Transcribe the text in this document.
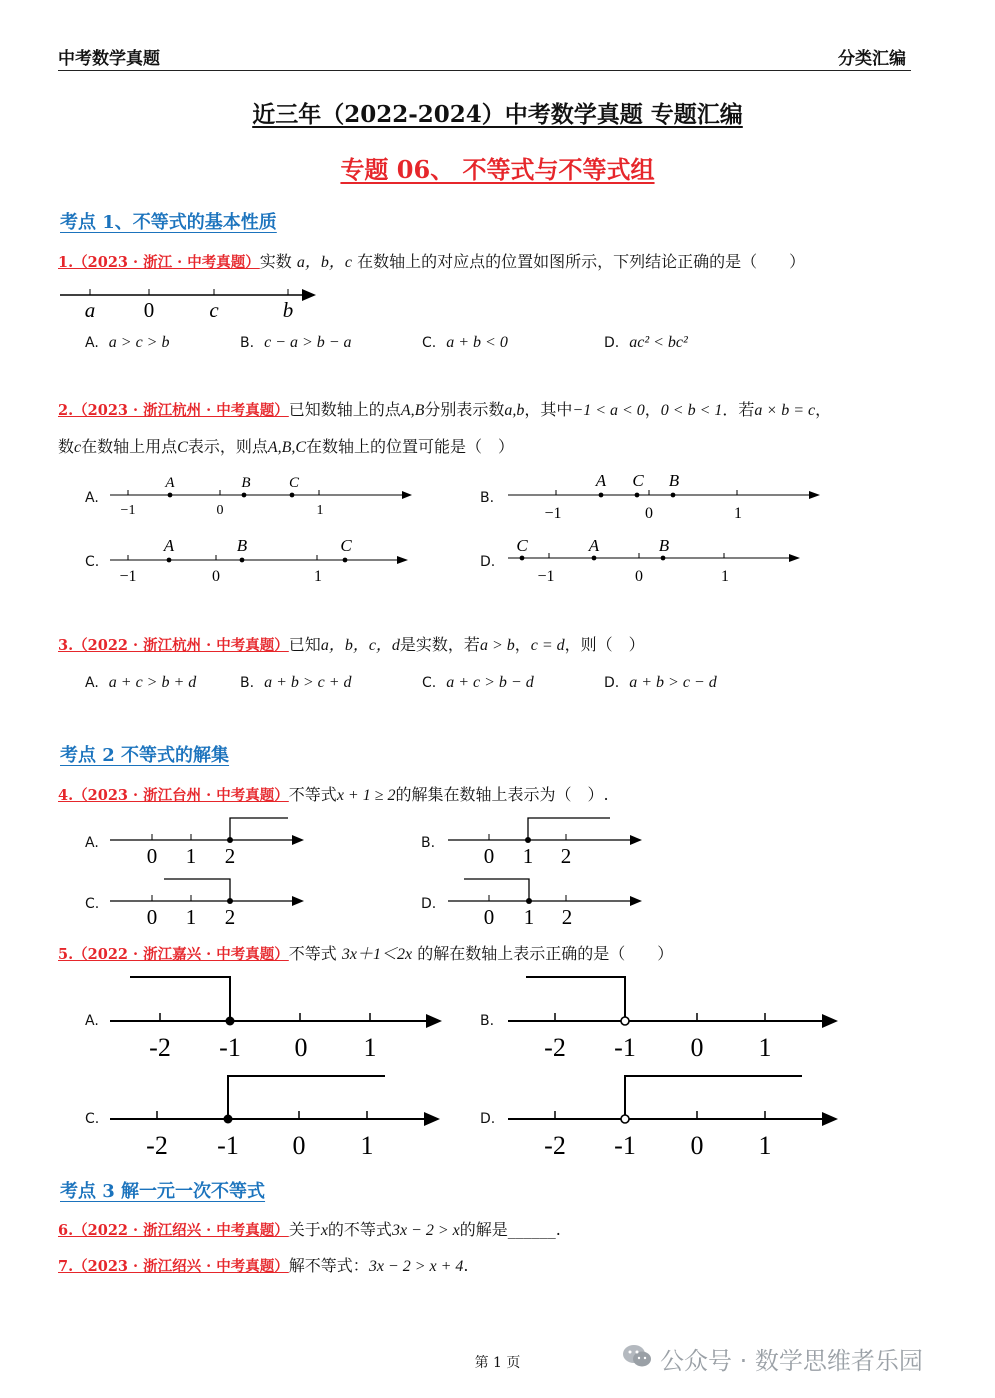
中考数学真题	分类汇编
近三年（2022-2024）中考数学真题 专题汇编
专题 06、 不等式与不等式组
考点 1、不等式的基本性质
1.（2023 · 浙江 · 中考真题）实数 a，b，c 在数轴上的对应点的位置如图所示，下列结论正确的是（　　）
a 0	c	b
A. a > c > b	B. c − a > b − a	C. a + b < 0	D. ac² < bc²
2.（2023 · 浙江杭州 · 中考真题）已知数轴上的点A,B分别表示数a,b，其中−1 < a < 0，0 < b < 1．若a × b = c，
数c在数轴上用点C表示，则点A,B,C在数轴上的位置可能是（　）
A.
A	B	C
−1	0	1
B.
A C B
−1	0	1
C.
A	B	C
−1	0	1
D.
C	A	B
−1	0	1
3.（2022 · 浙江杭州 · 中考真题）已知a，b，c，d是实数，若a > b，c = d，则（　）
A. a + c > b + d	B. a + b > c + d	C. a + c > b − d	D. a + b > c − d
考点 2 不等式的解集
4.（2023 · 浙江台州 · 中考真题）不等式x + 1 ≥ 2的解集在数轴上表示为（　）.
A.
0 1 2
B.
0 1 2
C.
0 1 2
D.
0 1 2
5.（2022 · 浙江嘉兴 · 中考真题）不等式 3x＋1＜2x 的解在数轴上表示正确的是（　　）
A.
-2 -1 0 1
B.
-2 -1 0 1
C.
-2 -1 0 1
D.
-2 -1 0 1
考点 3 解一元一次不等式
6.（2022 · 浙江绍兴 · 中考真题）关于x的不等式3x − 2 > x的解是______.
7.（2023 · 浙江绍兴 · 中考真题）解不等式：3x − 2 > x + 4.
第 1 页	公众号 · 数学思维者乐园
